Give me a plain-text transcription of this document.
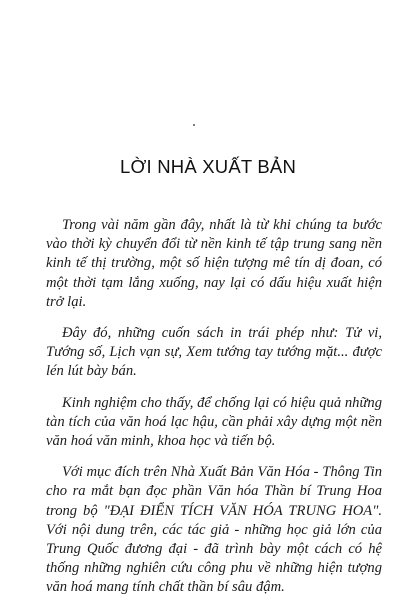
LỜI NHÀ XUẤT BẢN

Trong vài năm gần đây, nhất là từ khi chúng ta bước vào thời kỳ chuyển đổi từ nền kinh tế tập trung sang nền kinh tế thị trường, một số hiện tượng mê tín dị đoan, có một thời tạm lắng xuống, nay lại có dấu hiệu xuất hiện trở lại.

Đây đó, những cuốn sách in trái phép như: Tử vi, Tướng số, Lịch vạn sự, Xem tướng tay tướng mặt... được lén lút bày bán.

Kinh nghiệm cho thấy, để chống lại có hiệu quả những tàn tích của văn hoá lạc hậu, cần phải xây dựng một nền văn hoá văn minh, khoa học và tiến bộ.

Với mục đích trên Nhà Xuất Bản Văn Hóa - Thông Tin cho ra mắt bạn đọc phần Văn hóa Thần bí Trung Hoa trong bộ "ĐẠI ĐIỂN TÍCH VĂN HÓA TRUNG HOA". Với nội dung trên, các tác giả - những học giả lớn của Trung Quốc đương đại - đã trình bày một cách có hệ thống những nghiên cứu công phu về những hiện tượng văn hoá mang tính chất thần bí sâu đậm.
